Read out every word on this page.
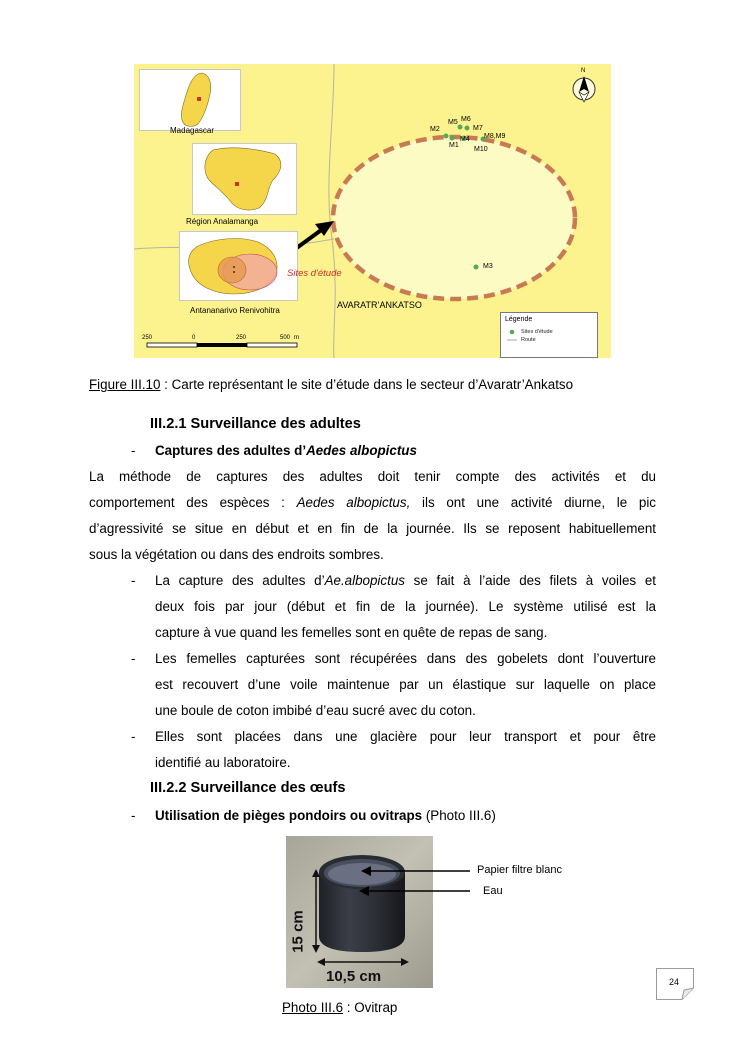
Madagascar
Région Analamanga
Antananarivo Renivohitra
Sites d'étude
AVARATR’ANKATSO
N
M5 M6
M2	M7
M4 M8,M9
M1
M10
M3
Légende
Sites d'étude
Route
250	0	250	500 m
Figure III.10 : Carte représentant le site d’étude dans le secteur d’Avaratr’Ankatso
III.2.1 Surveillance des adultes
- Captures des adultes d’Aedes albopictus
La méthode de captures des adultes doit tenir compte des activités et du
comportement des espèces : Aedes albopictus, ils ont une activité diurne, le pic
d’agressivité se situe en début et en fin de la journée. Ils se reposent habituellement
sous la végétation ou dans des endroits sombres.
- La capture des adultes d’Ae.albopictus se fait à l’aide des filets à voiles et
deux fois par jour (début et fin de la journée). Le système utilisé est la
capture à vue quand les femelles sont en quête de repas de sang.
- Les femelles capturées sont récupérées dans des gobelets dont l’ouverture
est recouvert d’une voile maintenue par un élastique sur laquelle on place
une boule de coton imbibé d’eau sucré avec du coton.
- Elles sont placées dans une glacière pour leur transport et pour être
identifié au laboratoire.
III.2.2 Surveillance des œufs
- Utilisation de pièges pondoirs ou ovitraps (Photo III.6)
15 cm
10,5 cm
Papier filtre blanc
Eau
Photo III.6 : Ovitrap
24
